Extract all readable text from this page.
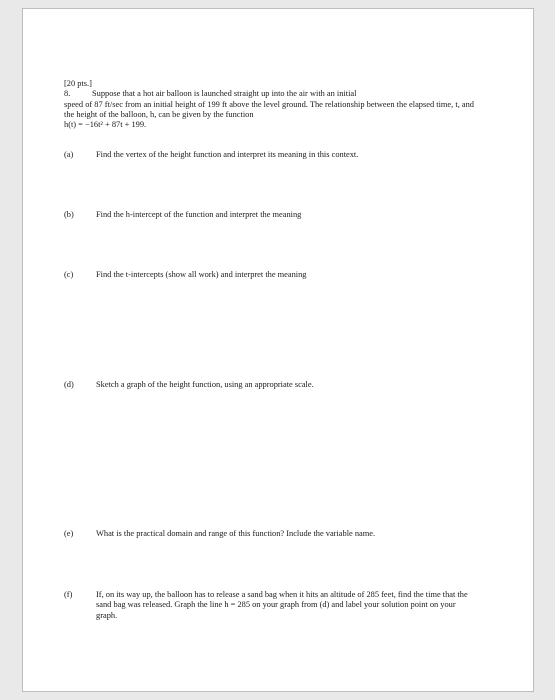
[20 pts.]
8.	Suppose that a hot air balloon is launched straight up into the air with an initial
speed of 87 ft/sec from an initial height of 199 ft above the level ground. The relationship between the elapsed time, t, and the height of the balloon, h, can be given by the function
h(t) = −16t² + 87t + 199.
(a)	Find the vertex of the height function and interpret its meaning in this context.
(b)	Find the h-intercept of the function and interpret the meaning
(c)	Find the t-intercepts (show all work) and interpret the meaning
(d)	Sketch a graph of the height function, using an appropriate scale.
(e)	What is the practical domain and range of this function? Include the variable name.
(f)	If, on its way up, the balloon has to release a sand bag when it hits an altitude of 285 feet, find the time that the sand bag was released. Graph the line h = 285 on your graph from (d) and label your solution point on your graph.
